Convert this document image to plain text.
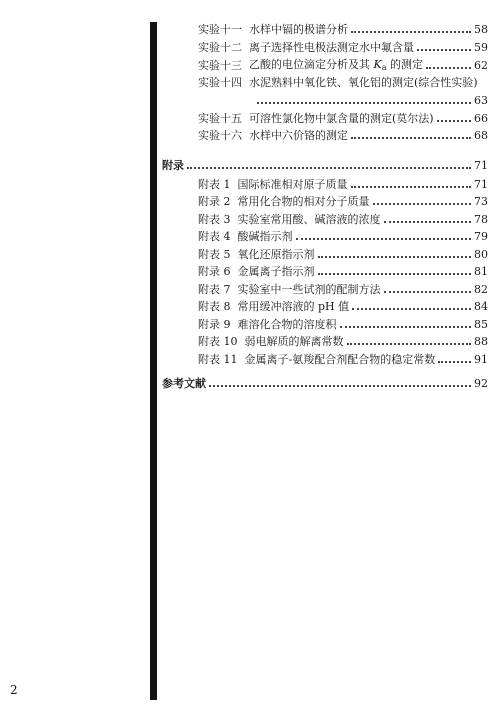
实验十一 水样中镉的极谱分析	58
实验十二 离子选择性电极法测定水中氟含量	59
实验十三 乙酸的电位滴定分析及其 $K_a$ 的测定	62
实验十四 水泥熟料中氧化铁、氧化铝的测定(综合性实验)
63
实验十五 可溶性氯化物中氯含量的测定(莫尔法)	66
实验十六 水样中六价铬的测定	68
附录	71
附表 1 国际标准相对原子质量	71
附录 2 常用化合物的相对分子质量	73
附表 3 实验室常用酸、碱溶液的浓度	78
附表 4 酸碱指示剂	79
附表 5 氧化还原指示剂	80
附录 6 金属离子指示剂	81
附表 7 实验室中一些试剂的配制方法	82
附表 8 常用缓冲溶液的 pH 值	84
附录 9 难溶化合物的溶度积	85
附表 10 弱电解质的解离常数	88
附表 11 金属离子-氨羧配合剂配合物的稳定常数	91
参考文献	92
2
